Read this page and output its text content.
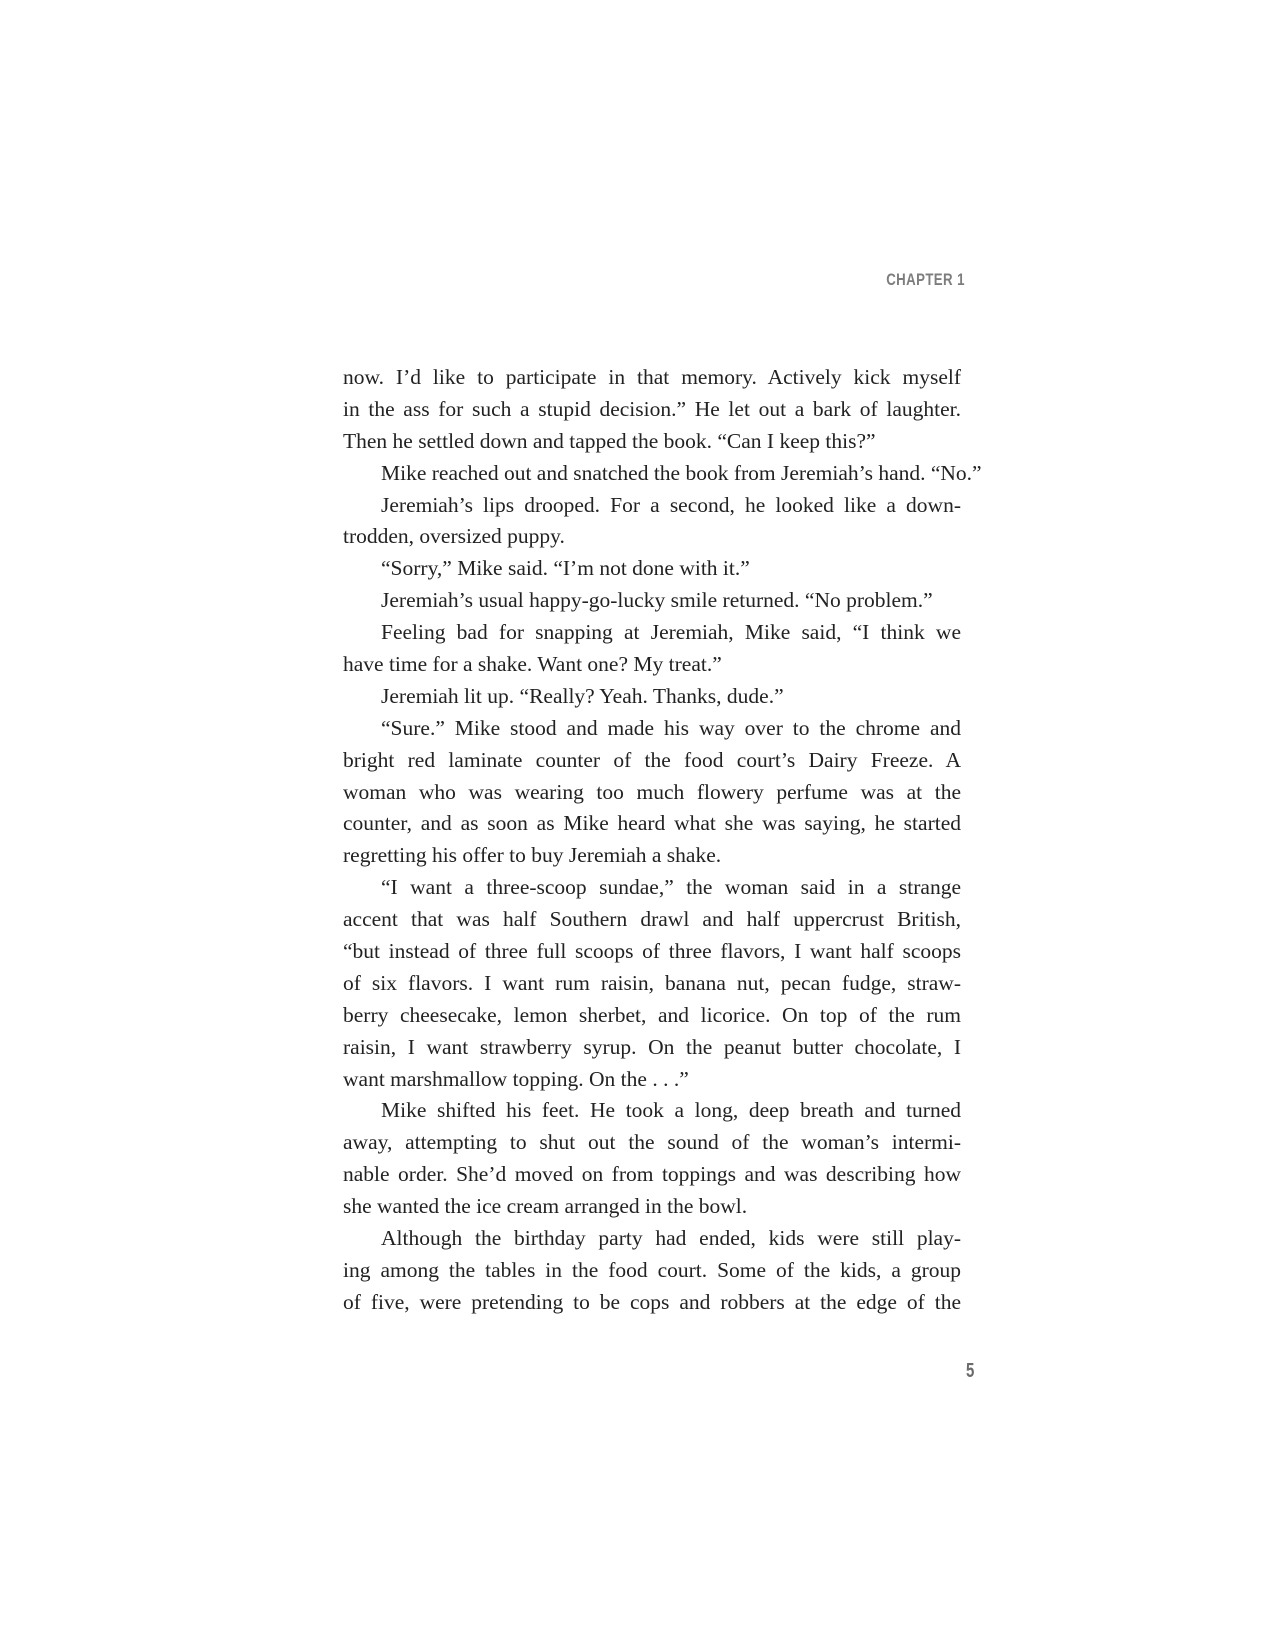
CHAPTER 1
now. I’d like to participate in that memory. Actively kick myself
in the ass for such a stupid decision.” He let out a bark of laughter.
Then he settled down and tapped the book. “Can I keep this?”
Mike reached out and snatched the book from Jeremiah’s hand. “No.”
Jeremiah’s lips drooped. For a second, he looked like a down-
trodden, oversized puppy.
“Sorry,” Mike said. “I’m not done with it.”
Jeremiah’s usual happy-go-lucky smile returned. “No problem.”
Feeling bad for snapping at Jeremiah, Mike said, “I think we
have time for a shake. Want one? My treat.”
Jeremiah lit up. “Really? Yeah. Thanks, dude.”
“Sure.” Mike stood and made his way over to the chrome and
bright red laminate counter of the food court’s Dairy Freeze. A
woman who was wearing too much flowery perfume was at the
counter, and as soon as Mike heard what she was saying, he started
regretting his offer to buy Jeremiah a shake.
“I want a three-scoop sundae,” the woman said in a strange
accent that was half Southern drawl and half uppercrust British,
“but instead of three full scoops of three flavors, I want half scoops
of six flavors. I want rum raisin, banana nut, pecan fudge, straw-
berry cheesecake, lemon sherbet, and licorice. On top of the rum
raisin, I want strawberry syrup. On the peanut butter chocolate, I
want marshmallow topping. On the . . .”
Mike shifted his feet. He took a long, deep breath and turned
away, attempting to shut out the sound of the woman’s intermi-
nable order. She’d moved on from toppings and was describing how
she wanted the ice cream arranged in the bowl.
Although the birthday party had ended, kids were still play-
ing among the tables in the food court. Some of the kids, a group
of five, were pretending to be cops and robbers at the edge of the
5
